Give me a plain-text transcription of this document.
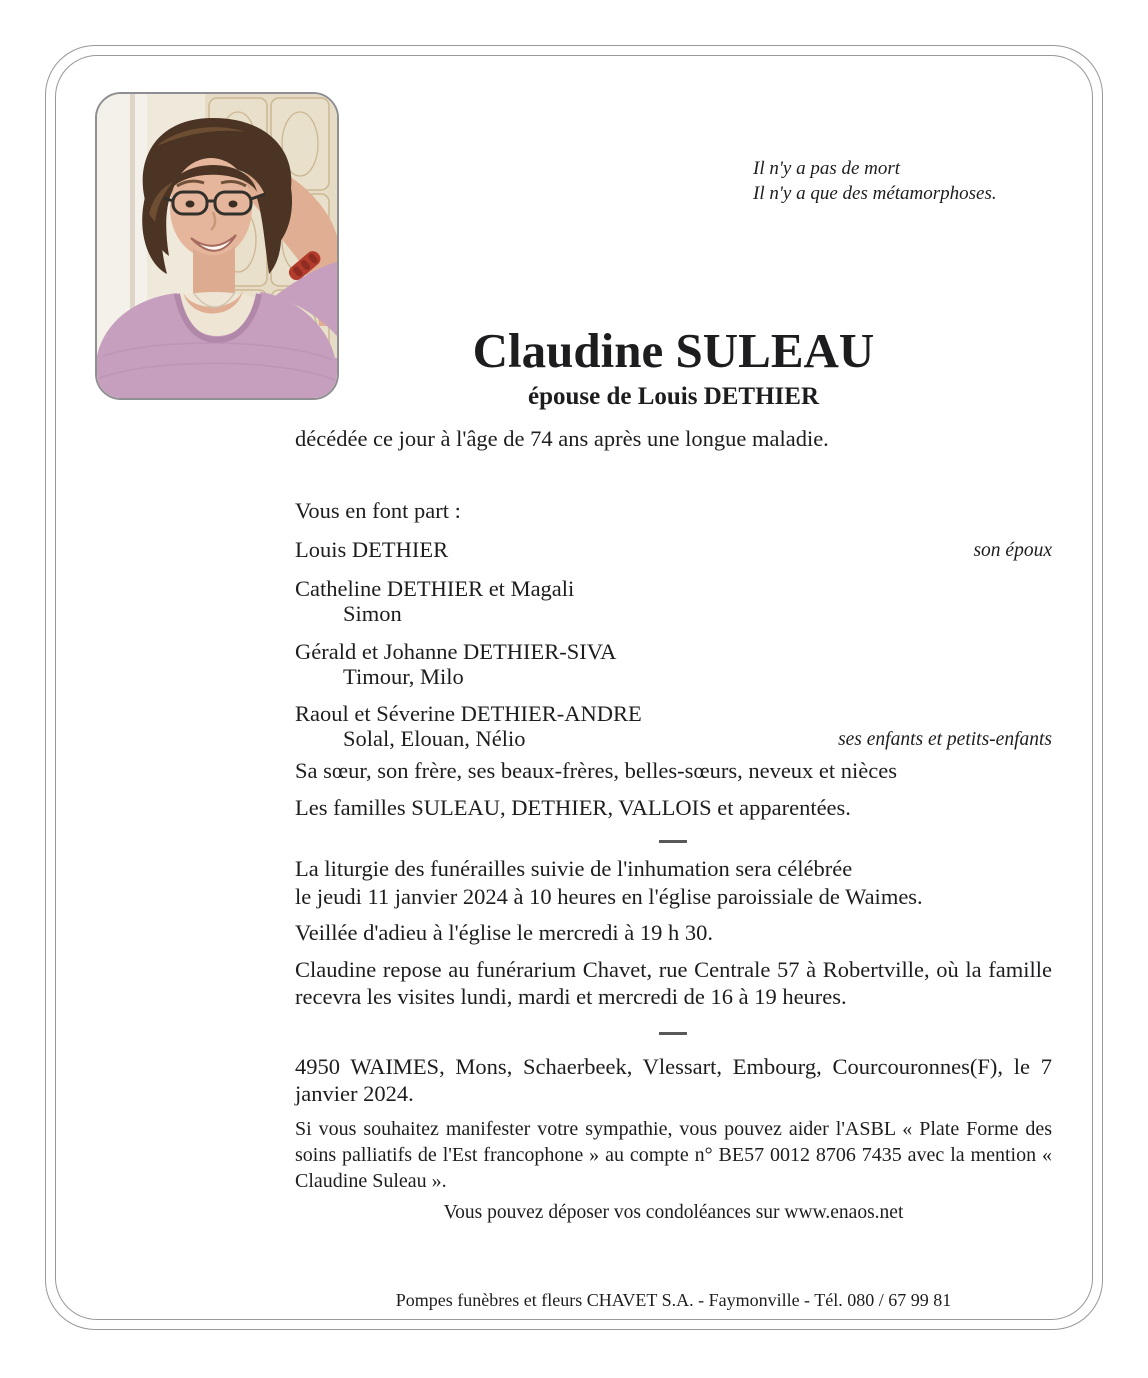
Il n'y a pas de mort
Il n'y a que des métamorphoses.
Claudine SULEAU
épouse de Louis DETHIER
décédée ce jour à l'âge de 74 ans après une longue maladie.
Vous en font part :
Louis DETHIER	son époux
Catheline DETHIER et Magali
Simon
Gérald et Johanne DETHIER-SIVA
Timour, Milo
Raoul et Séverine DETHIER-ANDRE
Solal, Elouan, Nélio	ses enfants et petits-enfants
Sa sœur, son frère, ses beaux-frères, belles-sœurs, neveux et nièces
Les familles SULEAU, DETHIER, VALLOIS et apparentées.
La liturgie des funérailles suivie de l'inhumation sera célébrée
le jeudi 11 janvier 2024 à 10 heures en l'église paroissiale de Waimes.
Veillée d'adieu à l'église le mercredi à 19 h 30.
Claudine repose au funérarium Chavet, rue Centrale 57 à Robertville, où la famille recevra les visites lundi, mardi et mercredi de 16 à 19 heures.
4950 WAIMES, Mons, Schaerbeek, Vlessart, Embourg, Courcouronnes(F), le 7 janvier 2024.
Si vous souhaitez manifester votre sympathie, vous pouvez aider l'ASBL « Plate Forme des soins palliatifs de l'Est francophone » au compte n° BE57 0012 8706 7435 avec la mention « Claudine Suleau ».
Vous pouvez déposer vos condoléances sur www.enaos.net
Pompes funèbres et fleurs CHAVET S.A. - Faymonville - Tél. 080 / 67 99 81
